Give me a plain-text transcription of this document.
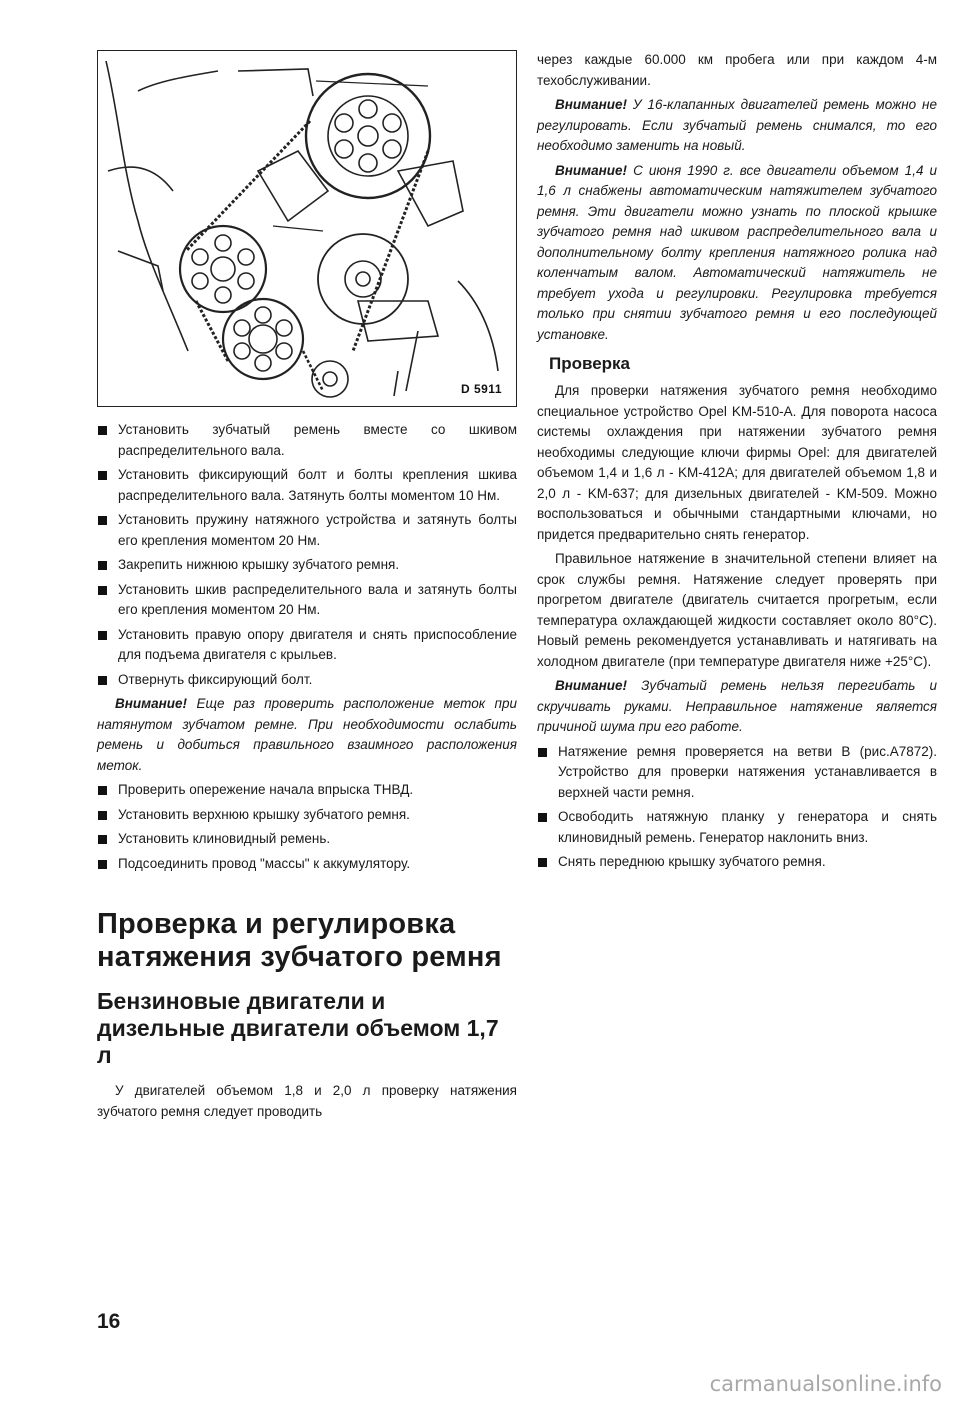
D 5911

Установить зубчатый ремень вместе со шкивом распределительного вала.

Установить фиксирующий болт и болты крепления шкива распределительного вала. Затянуть болты моментом 10 Нм.

Установить пружину натяжного устройства и затянуть болты его крепления моментом 20 Нм.

Закрепить нижнюю крышку зубчатого ремня.

Установить шкив распределительного вала и затянуть болты его крепления моментом 20 Нм.

Установить правую опору двигателя и снять приспособление для подъема двигателя с крыльев.

Отвернуть фиксирующий болт.

Внимание! Еще раз проверить расположение меток при натянутом зубчатом ремне. При необходимости ослабить ремень и добиться правильного взаимного расположения меток.

Проверить опережение начала впрыска ТНВД.

Установить верхнюю крышку зубчатого ремня.

Установить клиновидный ремень.

Подсоединить провод "массы" к аккумулятору.

Проверка и регулировка натяжения зубчатого ремня
Бензиновые двигатели и дизельные двигатели объемом 1,7 л

У двигателей объемом 1,8 и 2,0 л проверку натяжения зубчатого ремня следует проводить

через каждые 60.000 км пробега или при каждом 4-м техобслуживании.

Внимание! У 16-клапанных двигателей ремень можно не регулировать. Если зубчатый ремень снимался, то его необходимо заменить на новый.

Внимание! С июня 1990 г. все двигатели объемом 1,4 и 1,6 л снабжены автоматическим натяжителем зубчатого ремня. Эти двигатели можно узнать по плоской крышке зубчатого ремня над шкивом распределительного вала и дополнительному болту крепления натяжного ролика над коленчатым валом. Автоматический натяжитель не требует ухода и регулировки. Регулировка требуется только при снятии зубчатого ремня и его последующей установке.

Проверка

Для проверки натяжения зубчатого ремня необходимо специальное устройство Opel KM-510-А. Для поворота насоса системы охлаждения при натяжении зубчатого ремня необходимы следующие ключи фирмы Opel: для двигателей объемом 1,4 и 1,6 л - KM-412A; для двигателей объемом 1,8 и 2,0 л - KM-637; для дизельных двигателей - KM-509. Можно воспользоваться и обычными стандартными ключами, но придется предварительно снять генератор.

Правильное натяжение в значительной степени влияет на срок службы ремня. Натяжение следует проверять при прогретом двигателе (двигатель считается прогретым, если температура охлаждающей жидкости составляет около 80°С). Новый ремень рекомендуется устанавливать и натягивать на холодном двигателе (при температуре двигателя ниже +25°С).

Внимание! Зубчатый ремень нельзя перегибать и скручивать руками. Неправильное натяжение является причиной шума при его работе.

Натяжение ремня проверяется на ветви В (рис.А7872). Устройство для проверки натяжения устанавливается в верхней части ремня.

Освободить натяжную планку у генератора и снять клиновидный ремень. Генератор наклонить вниз.

Снять переднюю крышку зубчатого ремня.

16
carmanualsonline.info
